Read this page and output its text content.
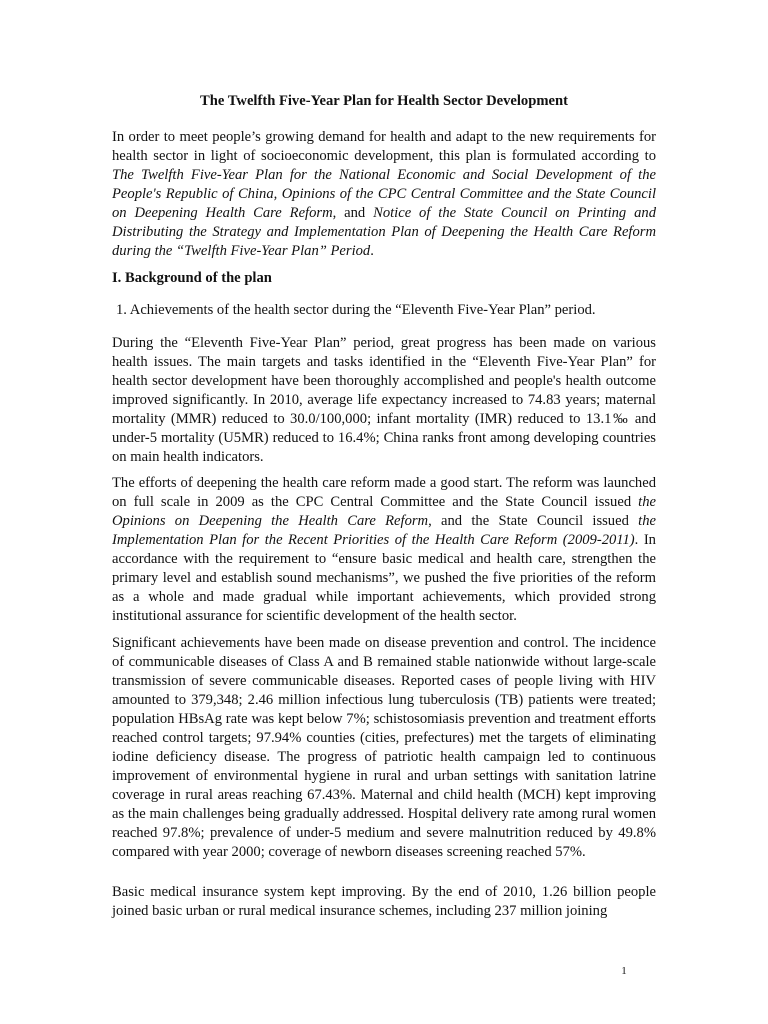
The Twelfth Five-Year Plan for Health Sector Development

In order to meet people’s growing demand for health and adapt to the new requirements for health sector in light of socioeconomic development, this plan is formulated according to The Twelfth Five-Year Plan for the National Economic and Social Development of the People's Republic of China, Opinions of the CPC Central Committee and the State Council on Deepening Health Care Reform, and Notice of the State Council on Printing and Distributing the Strategy and Implementation Plan of Deepening the Health Care Reform during the “Twelfth Five-Year Plan” Period.

I. Background of the plan

1. Achievements of the health sector during the “Eleventh Five-Year Plan” period.

During the “Eleventh Five-Year Plan” period, great progress has been made on various health issues. The main targets and tasks identified in the “Eleventh Five-Year Plan” for health sector development have been thoroughly accomplished and people's health outcome improved significantly. In 2010, average life expectancy increased to 74.83 years; maternal mortality (MMR) reduced to 30.0/100,000; infant mortality (IMR) reduced to 13.1‰ and under-5 mortality (U5MR) reduced to 16.4%; China ranks front among developing countries on main health indicators.

The efforts of deepening the health care reform made a good start. The reform was launched on full scale in 2009 as the CPC Central Committee and the State Council issued the Opinions on Deepening the Health Care Reform, and the State Council issued the Implementation Plan for the Recent Priorities of the Health Care Reform (2009-2011). In accordance with the requirement to “ensure basic medical and health care, strengthen the primary level and establish sound mechanisms”, we pushed the five priorities of the reform as a whole and made gradual while important achievements, which provided strong institutional assurance for scientific development of the health sector.

Significant achievements have been made on disease prevention and control. The incidence of communicable diseases of Class A and B remained stable nationwide without large-scale transmission of severe communicable diseases. Reported cases of people living with HIV amounted to 379,348; 2.46 million infectious lung tuberculosis (TB) patients were treated; population HBsAg rate was kept below 7%; schistosomiasis prevention and treatment efforts reached control targets; 97.94% counties (cities, prefectures) met the targets of eliminating iodine deficiency disease. The progress of patriotic health campaign led to continuous improvement of environmental hygiene in rural and urban settings with sanitation latrine coverage in rural areas reaching 67.43%. Maternal and child health (MCH) kept improving as the main challenges being gradually addressed. Hospital delivery rate among rural women reached 97.8%; prevalence of under-5 medium and severe malnutrition reduced by 49.8% compared with year 2000; coverage of newborn diseases screening reached 57%.

Basic medical insurance system kept improving. By the end of 2010, 1.26 billion people joined basic urban or rural medical insurance schemes, including 237 million joining

1
